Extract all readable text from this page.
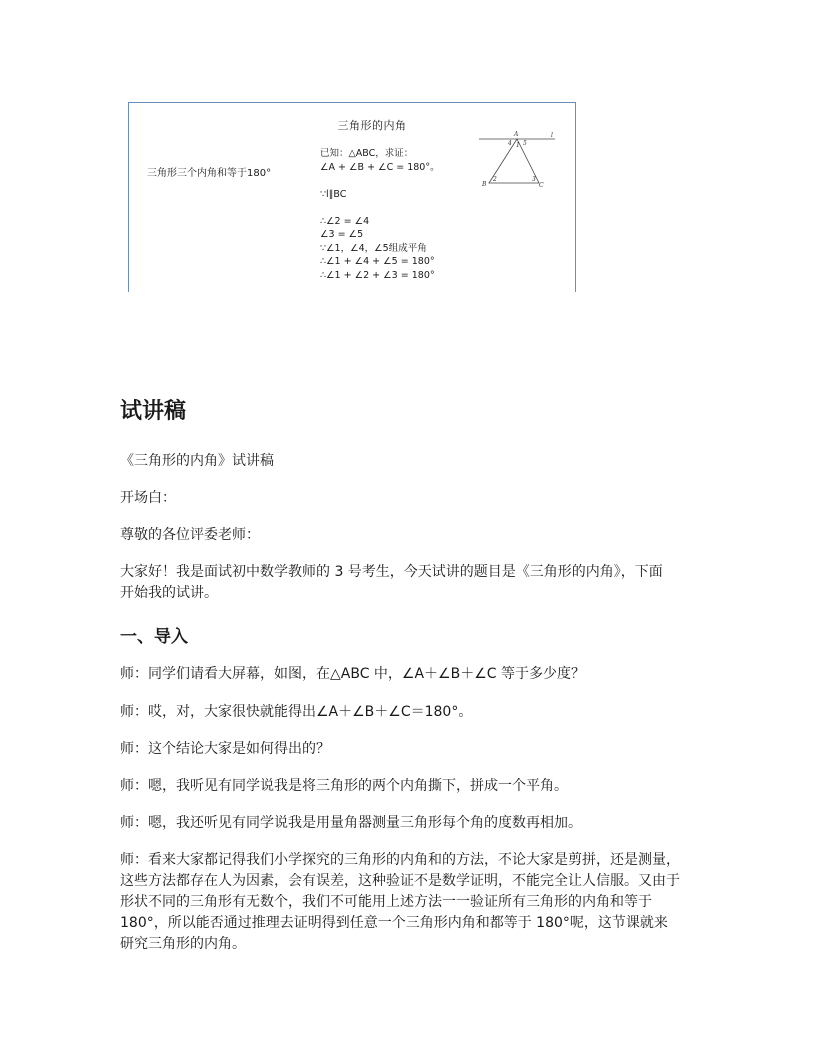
三角形的内角
三角形三个内角和等于180°
已知：△ABC，求证：
∠A + ∠B + ∠C = 180°。

∵l∥BC

∴∠2 = ∠4
∠3 = ∠5
∵∠1，∠4，∠5组成平角
∴∠1 + ∠4 + ∠5 = 180°
∴∠1 + ∠2 + ∠3 = 180°
A	l
B	C
1
2	3
4 5
试讲稿

《三角形的内角》试讲稿

开场白：

尊敬的各位评委老师：

大家好！我是面试初中数学教师的 3 号考生，今天试讲的题目是《三角形的内角》，下面开始我的试讲。

一、导入

师：同学们请看大屏幕，如图，在△ABC 中，∠A＋∠B＋∠C 等于多少度？

师：哎，对，大家很快就能得出∠A＋∠B＋∠C＝180°。

师：这个结论大家是如何得出的？

师：嗯，我听见有同学说我是将三角形的两个内角撕下，拼成一个平角。

师：嗯，我还听见有同学说我是用量角器测量三角形每个角的度数再相加。

师：看来大家都记得我们小学探究的三角形的内角和的方法，不论大家是剪拼，还是测量，这些方法都存在人为因素，会有误差，这种验证不是数学证明，不能完全让人信服。又由于形状不同的三角形有无数个，我们不可能用上述方法一一验证所有三角形的内角和等于 180°，所以能否通过推理去证明得到任意一个三角形内角和都等于 180°呢，这节课就来研究三角形的内角。
